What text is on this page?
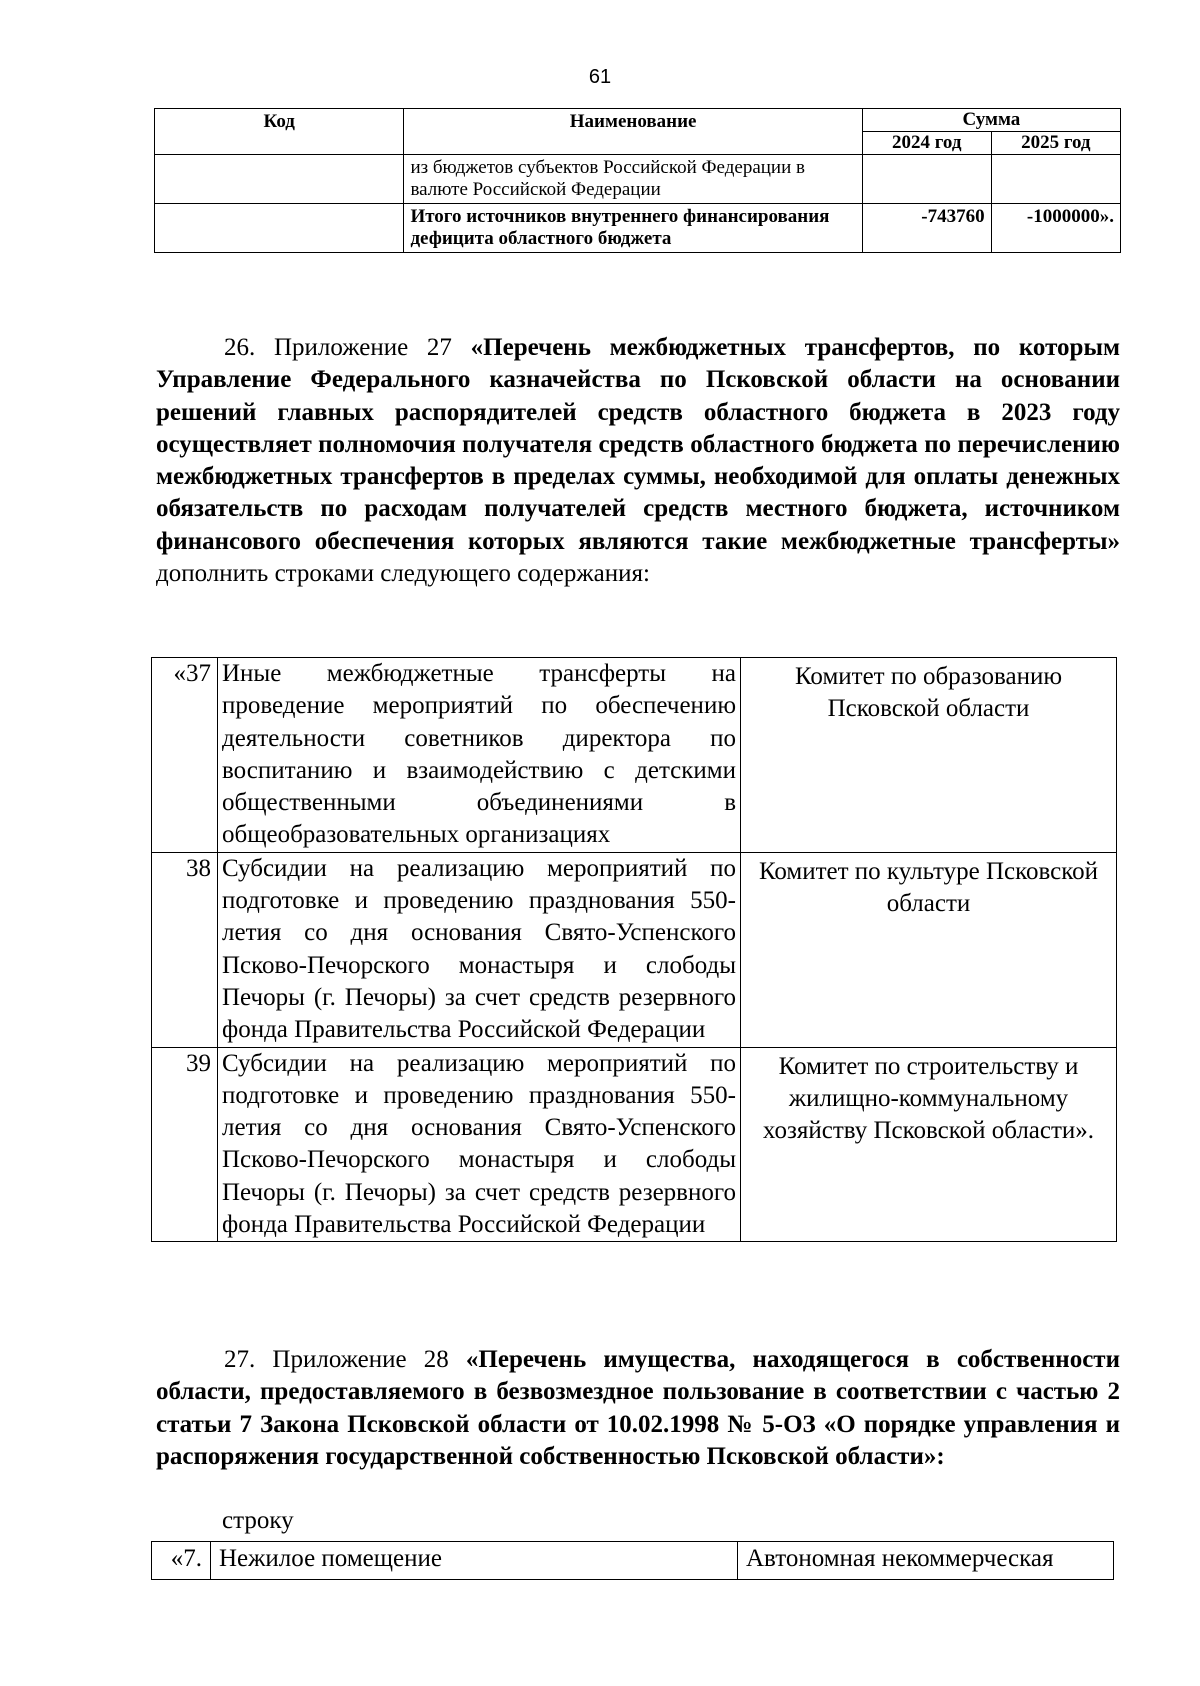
61
Код	Наименование	Сумма	
		2024 год	2025 год
	из бюджетов субъектов Российской Федерации в валюте Российской Федерации		
	Итого источников внутреннего финансирования дефицита областного бюджета	-743760	-1000000».
26. Приложение 27 «Перечень межбюджетных трансфертов, по которым Управление Федерального казначейства по Псковской области на основании решений главных распорядителей средств областного бюджета в 2023 году осуществляет полномочия получателя средств областного бюджета по перечислению межбюджетных трансфертов в пределах суммы, необходимой для оплаты денежных обязательств по расходам получателей средств местного бюджета, источником финансового обеспечения которых являются такие межбюджетные трансферты» дополнить строками следующего содержания:
«37	Иные межбюджетные трансферты на проведение мероприятий по обеспечению деятельности советников директора по воспитанию и взаимодействию с детскими общественными объединениями в общеобразовательных организациях	Комитет по образованию Псковской области
38	Субсидии на реализацию мероприятий по подготовке и проведению празднования 550-летия со дня основания Свято-Успенского Псково-Печорского монастыря и слободы Печоры (г. Печоры) за счет средств резервного фонда Правительства Российской Федерации	Комитет по культуре Псковской области
39	Субсидии на реализацию мероприятий по подготовке и проведению празднования 550-летия со дня основания Свято-Успенского Псково-Печорского монастыря и слободы Печоры (г. Печоры) за счет средств резервного фонда Правительства Российской Федерации	Комитет по строительству и жилищно-коммунальному хозяйству Псковской области».
27. Приложение 28 «Перечень имущества, находящегося в собственности области, предоставляемого в безвозмездное пользование в соответствии с частью 2 статьи 7 Закона Псковской области от 10.02.1998 № 5-ОЗ «О порядке управления и распоряжения государственной собственностью Псковской области»:
строку
«7.	Нежилое помещение	Автономная некоммерческая
